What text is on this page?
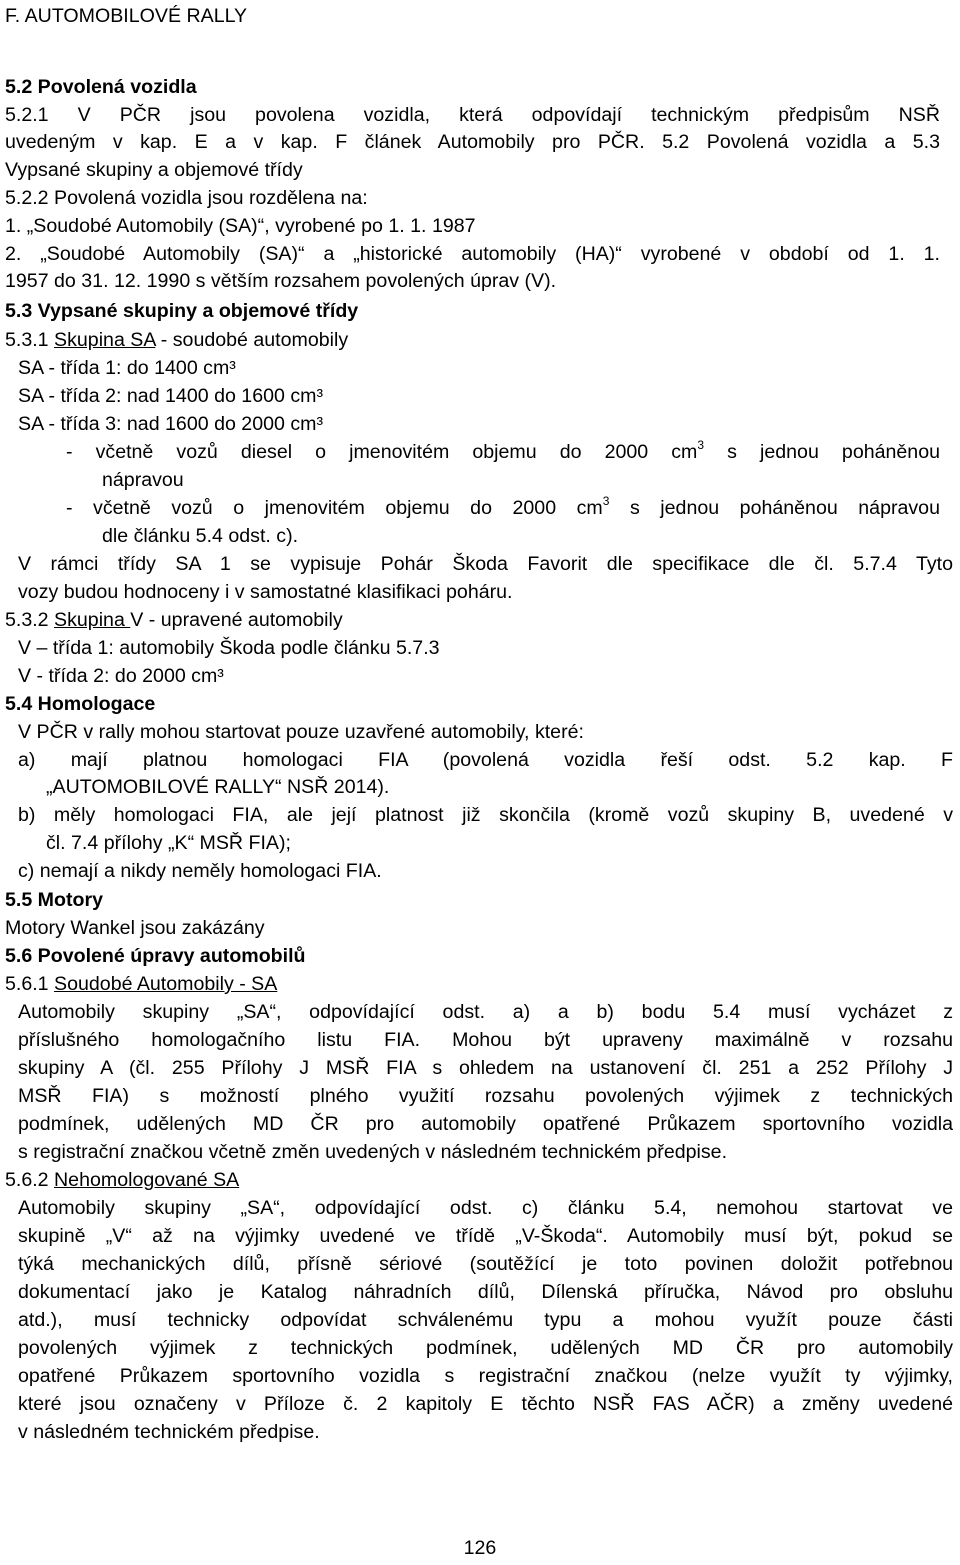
F. AUTOMOBILOVÉ RALLY
5.2 Povolená vozidla
5.2.1 V PČR jsou povolena vozidla, která odpovídají technickým předpisům NSŘ
uvedeným v kap. E a v kap. F článek Automobily pro PČR. 5.2 Povolená vozidla a 5.3
Vypsané skupiny a objemové třídy
5.2.2 Povolená vozidla jsou rozdělena na:
1. „Soudobé Automobily (SA)“, vyrobené po 1. 1. 1987
2. „Soudobé Automobily (SA)“ a „historické automobily (HA)“ vyrobené v období od 1. 1.
1957 do 31. 12. 1990 s větším rozsahem povolených úprav (V).
5.3 Vypsané skupiny a objemové třídy
5.3.1 Skupina SA - soudobé automobily
SA - třída 1: do 1400 cm³
SA - třída 2: nad 1400 do 1600 cm³
SA - třída 3: nad 1600 do 2000 cm³
- včetně vozů diesel o jmenovitém objemu do 2000 $cm^3$ s jednou poháněnou
nápravou
- včetně vozů o jmenovitém objemu do 2000 $cm^3$ s jednou poháněnou nápravou
dle článku 5.4 odst. c).
V rámci třídy SA 1 se vypisuje Pohár Škoda Favorit dle specifikace dle čl. 5.7.4 Tyto
vozy budou hodnoceny i v samostatné klasifikaci poháru.
5.3.2 Skupina V - upravené automobily
V – třída 1: automobily Škoda podle článku 5.7.3
V - třída 2: do 2000 cm³
5.4 Homologace
V PČR v rally mohou startovat pouze uzavřené automobily, které:
a) mají platnou homologaci FIA (povolená vozidla řeší odst. 5.2 kap. F
„AUTOMOBILOVÉ RALLY“ NSŘ 2014).
b) měly homologaci FIA, ale její platnost již skončila (kromě vozů skupiny B, uvedené v
čl. 7.4 přílohy „K“ MSŘ FIA);
c) nemají a nikdy neměly homologaci FIA.
5.5 Motory
Motory Wankel jsou zakázány
5.6 Povolené úpravy automobilů
5.6.1 Soudobé Automobily - SA
Automobily skupiny „SA“, odpovídající odst. a) a b) bodu 5.4 musí vycházet z
příslušného homologačního listu FIA. Mohou být upraveny maximálně v rozsahu
skupiny A (čl. 255 Přílohy J MSŘ FIA s ohledem na ustanovení čl. 251 a 252 Přílohy J
MSŘ FIA) s možností plného využití rozsahu povolených výjimek z technických
podmínek, udělených MD ČR pro automobily opatřené Průkazem sportovního vozidla
s registrační značkou včetně změn uvedených v následném technickém předpise.
5.6.2 Nehomologované SA
Automobily skupiny „SA“, odpovídající odst. c) článku 5.4, nemohou startovat ve
skupině „V“ až na výjimky uvedené ve třídě „V-Škoda“. Automobily musí být, pokud se
týká mechanických dílů, přísně sériové (soutěžící je toto povinen doložit potřebnou
dokumentací jako je Katalog náhradních dílů, Dílenská příručka, Návod pro obsluhu
atd.), musí technicky odpovídat schválenému typu a mohou využít pouze části
povolených výjimek z technických podmínek, udělených MD ČR pro automobily
opatřené Průkazem sportovního vozidla s registrační značkou (nelze využít ty výjimky,
které jsou označeny v Příloze č. 2 kapitoly E těchto NSŘ FAS AČR) a změny uvedené
v následném technickém předpise.
126
